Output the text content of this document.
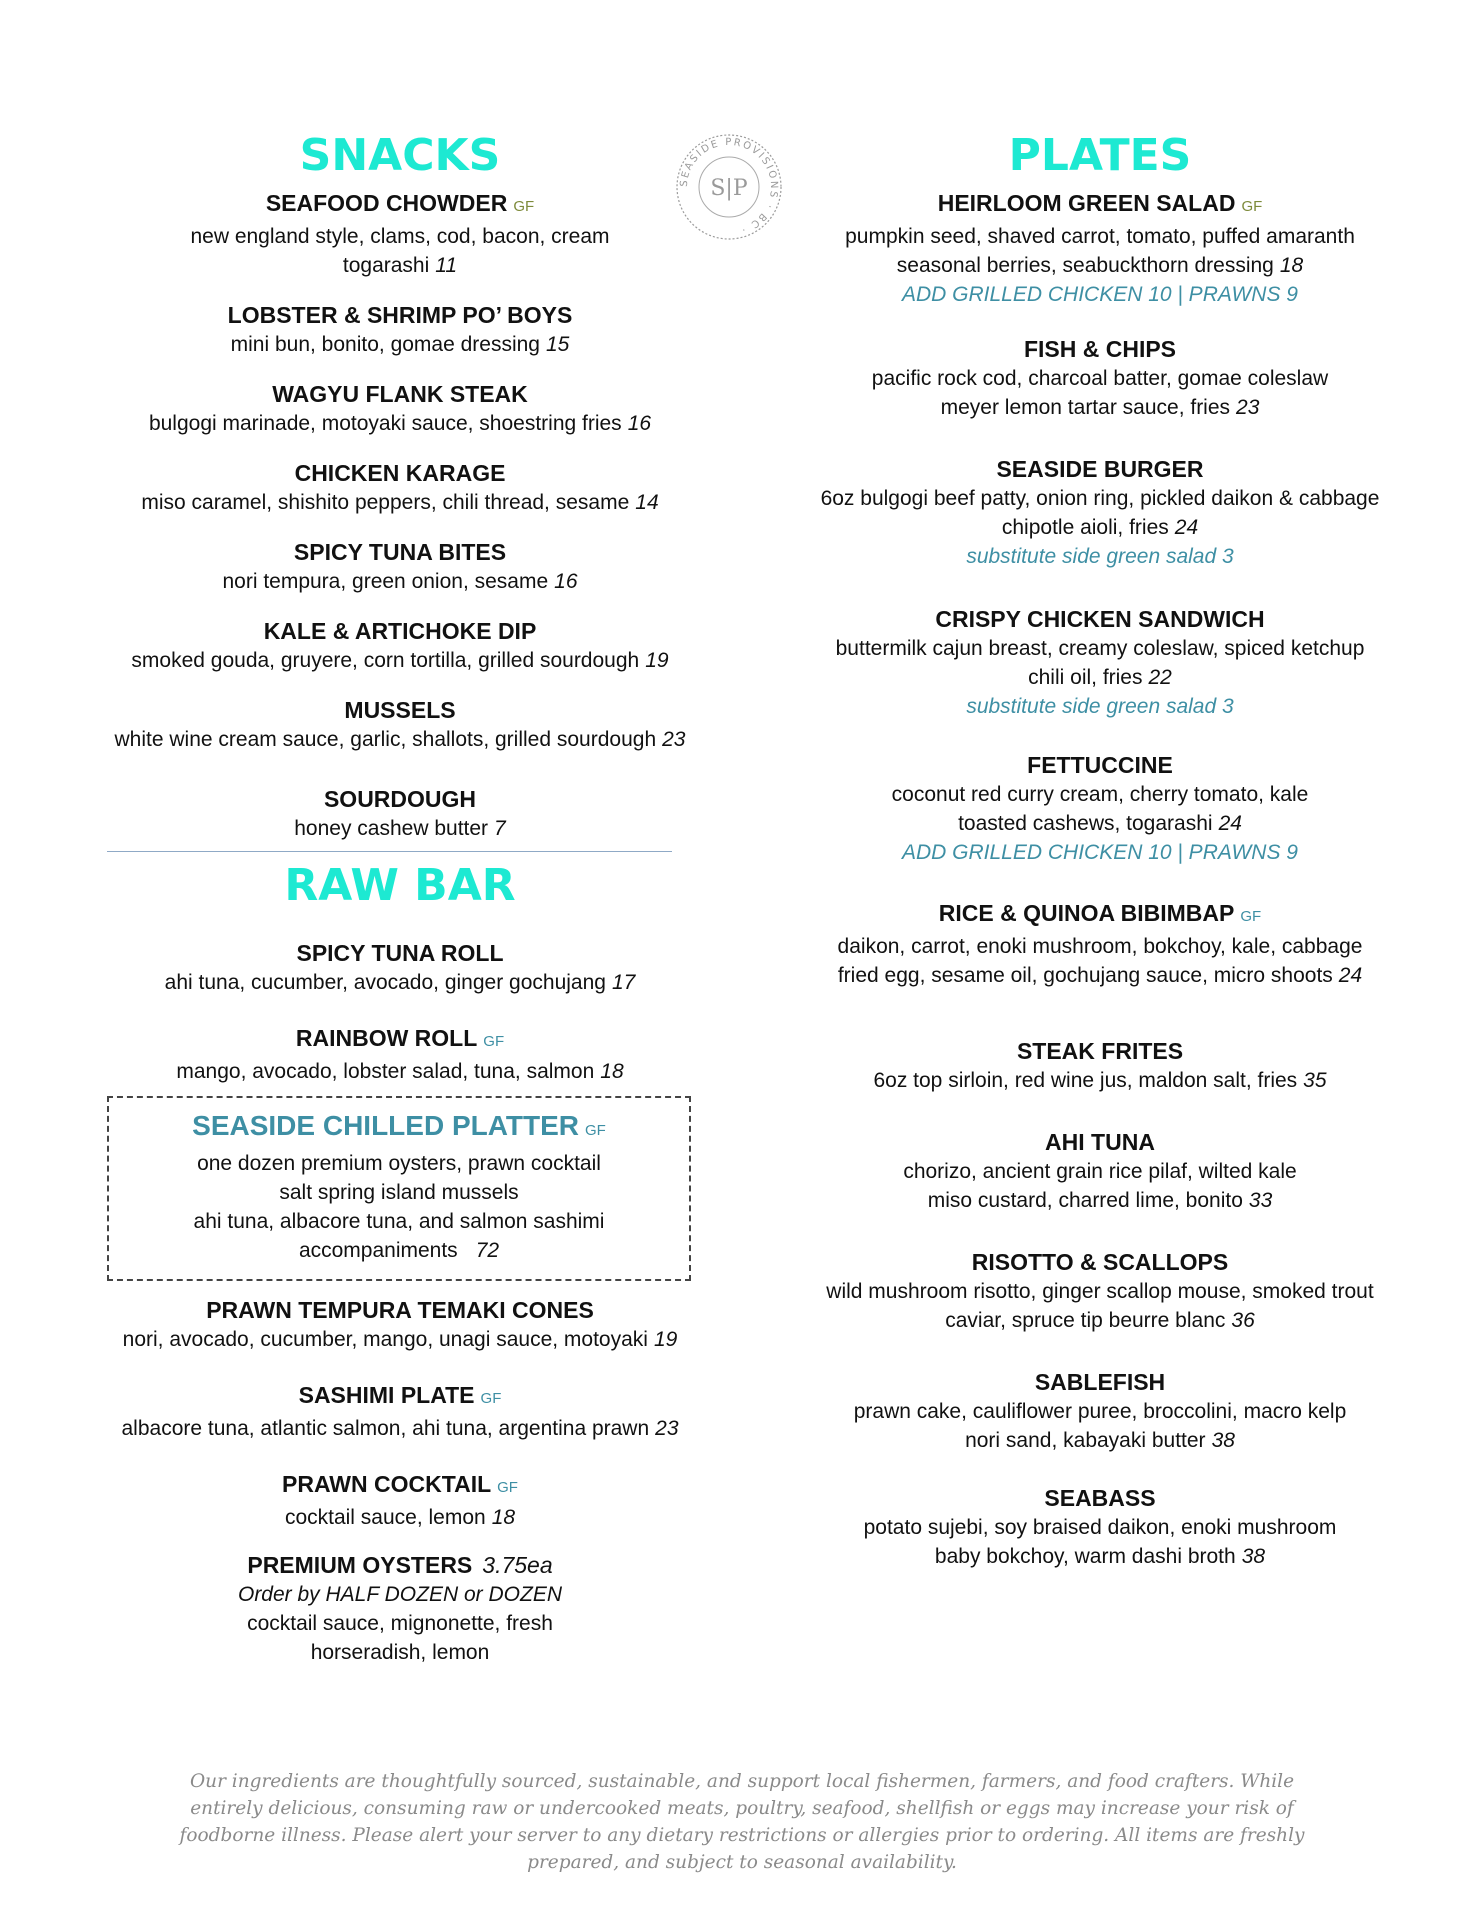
SEASIDE PROVISIONS · BC ·
S|P
SNACKS
SEAFOOD CHOWDER GF
new england style, clams, cod, bacon, cream
togarashi 11
LOBSTER & SHRIMP PO’ BOYS
mini bun, bonito, gomae dressing 15
WAGYU FLANK STEAK
bulgogi marinade, motoyaki sauce, shoestring fries 16
CHICKEN KARAGE
miso caramel, shishito peppers, chili thread, sesame 14
SPICY TUNA BITES
nori tempura, green onion, sesame 16
KALE & ARTICHOKE DIP
smoked gouda, gruyere, corn tortilla, grilled sourdough 19
MUSSELS
white wine cream sauce, garlic, shallots, grilled sourdough 23
SOURDOUGH
honey cashew butter 7
RAW BAR
SPICY TUNA ROLL
ahi tuna, cucumber, avocado, ginger gochujang 17
RAINBOW ROLL GF
mango, avocado, lobster salad, tuna, salmon 18
SEASIDE CHILLED PLATTER GF
one dozen premium oysters, prawn cocktail
salt spring island mussels
ahi tuna, albacore tuna, and salmon sashimi
accompaniments 72
PRAWN TEMPURA TEMAKI CONES
nori, avocado, cucumber, mango, unagi sauce, motoyaki 19
SASHIMI PLATE GF
albacore tuna, atlantic salmon, ahi tuna, argentina prawn 23
PRAWN COCKTAIL GF
cocktail sauce, lemon 18
PREMIUM OYSTERS 3.75ea
Order by HALF DOZEN or DOZEN
cocktail sauce, mignonette, fresh
horseradish, lemon
PLATES
HEIRLOOM GREEN SALAD GF
pumpkin seed, shaved carrot, tomato, puffed amaranth
seasonal berries, seabuckthorn dressing 18
ADD GRILLED CHICKEN 10 | PRAWNS 9
FISH & CHIPS
pacific rock cod, charcoal batter, gomae coleslaw
meyer lemon tartar sauce, fries 23
SEASIDE BURGER
6oz bulgogi beef patty, onion ring, pickled daikon & cabbage
chipotle aioli, fries 24
substitute side green salad 3
CRISPY CHICKEN SANDWICH
buttermilk cajun breast, creamy coleslaw, spiced ketchup
chili oil, fries 22
substitute side green salad 3
FETTUCCINE
coconut red curry cream, cherry tomato, kale
toasted cashews, togarashi 24
ADD GRILLED CHICKEN 10 | PRAWNS 9
RICE & QUINOA BIBIMBAP GF
daikon, carrot, enoki mushroom, bokchoy, kale, cabbage
fried egg, sesame oil, gochujang sauce, micro shoots 24
STEAK FRITES
6oz top sirloin, red wine jus, maldon salt, fries 35
AHI TUNA
chorizo, ancient grain rice pilaf, wilted kale
miso custard, charred lime, bonito 33
RISOTTO & SCALLOPS
wild mushroom risotto, ginger scallop mouse, smoked trout
caviar, spruce tip beurre blanc 36
SABLEFISH
prawn cake, cauliflower puree, broccolini, macro kelp
nori sand, kabayaki butter 38
SEABASS
potato sujebi, soy braised daikon, enoki mushroom
baby bokchoy, warm dashi broth 38
Our ingredients are thoughtfully sourced, sustainable, and support local fishermen, farmers, and food crafters. While entirely delicious, consuming raw or undercooked meats, poultry, seafood, shellfish or eggs may increase your risk of foodborne illness. Please alert your server to any dietary restrictions or allergies prior to ordering. All items are freshly prepared, and subject to seasonal availability.
